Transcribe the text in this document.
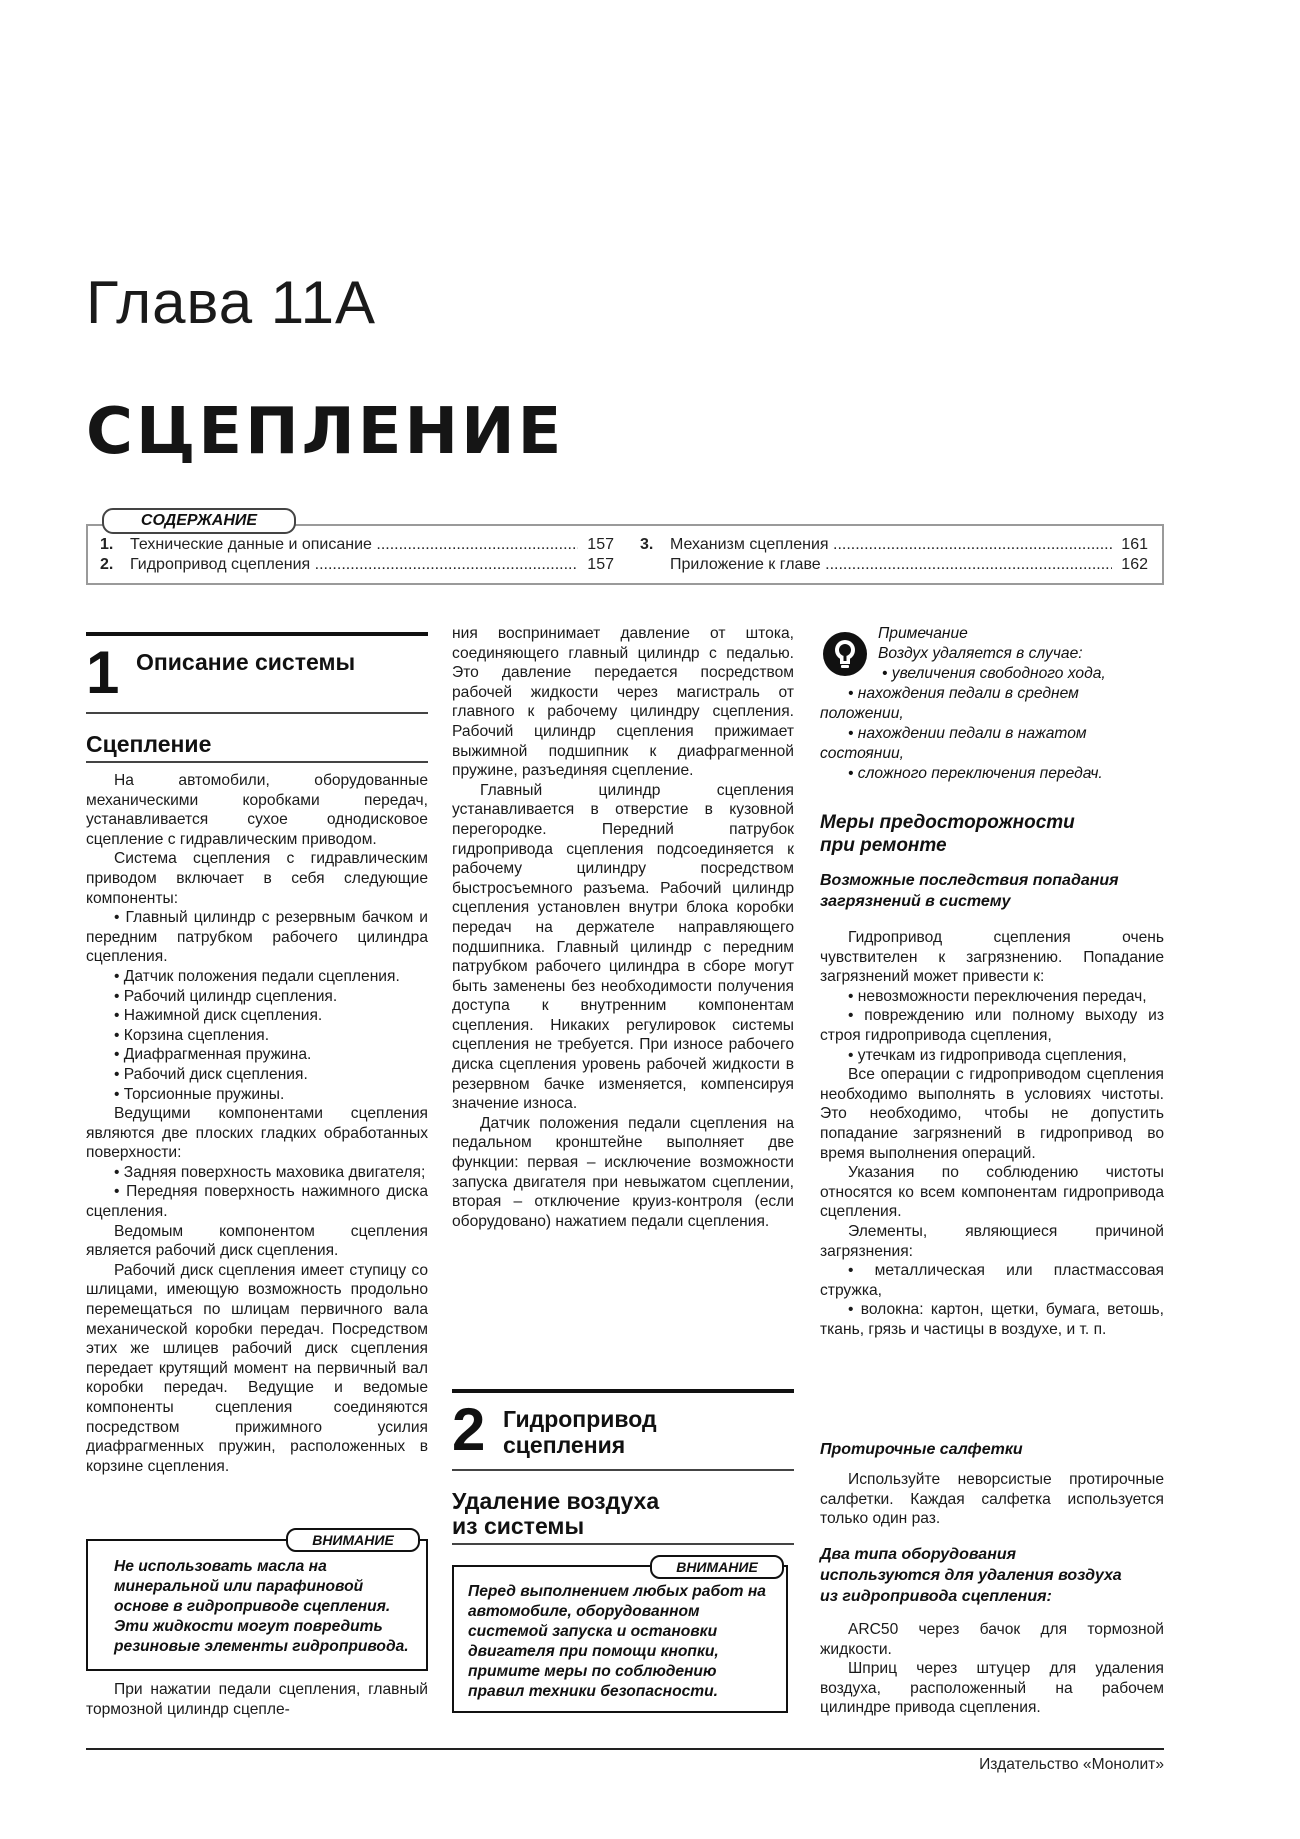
Глава 11А
СЦЕПЛЕНИЕ
СОДЕРЖАНИЕ
1.	Технические данные и описание .....	157
2.	Гидропривод сцепления .....	157
3.	Механизм сцепления .....	161
Приложение к главе .....	162
1 Описание системы
Сцепление

На автомобили, оборудованные механическими коробками передач, устанавливается сухое однодисковое сцепление с гидравлическим приводом.

Система сцепления с гидравлическим приводом включает в себя следующие компоненты:

• Главный цилиндр с резервным бачком и передним патрубком рабочего цилиндра сцепления.

• Датчик положения педали сцепления.

• Рабочий цилиндр сцепления.

• Нажимной диск сцепления.

• Корзина сцепления.

• Диафрагменная пружина.

• Рабочий диск сцепления.

• Торсионные пружины.

Ведущими компонентами сцепления являются две плоских гладких обработанных поверхности:

• Задняя поверхность маховика двигателя;

• Передняя поверхность нажимного диска сцепления.

Ведомым компонентом сцепления является рабочий диск сцепления.

Рабочий диск сцепления имеет ступицу со шлицами, имеющую возможность продольно перемещаться по шлицам первичного вала механической коробки передач. Посредством этих же шлицев рабочий диск сцепления передает крутящий момент на первичный вал коробки передач. Ведущие и ведомые компоненты сцепления соединяются посредством прижимного усилия диафрагменных пружин, расположенных в корзине сцепления.

ВНИМАНИЕ
Не использовать масла на минеральной или парафиновой основе в гидроприводе сцепления. Эти жидкости могут повредить резиновые элементы гидропривода.

При нажатии педали сцепления, главный тормозной цилиндр сцепле-

ния воспринимает давление от штока, соединяющего главный цилиндр с педалью. Это давление передается посредством рабочей жидкости через магистраль от главного к рабочему цилиндру сцепления. Рабочий цилиндр сцепления прижимает выжимной подшипник к диафрагменной пружине, разъединяя сцепление.

Главный цилиндр сцепления устанавливается в отверстие в кузовной перегородке. Передний патрубок гидропривода сцепления подсоединяется к рабочему цилиндру посредством быстросъемного разъема. Рабочий цилиндр сцепления установлен внутри блока коробки передач на держателе направляющего подшипника. Главный цилиндр с передним патрубком рабочего цилиндра в сборе могут быть заменены без необходимости получения доступа к внутренним компонентам сцепления. Никаких регулировок системы сцепления не требуется. При износе рабочего диска сцепления уровень рабочей жидкости в резервном бачке изменяется, компенсируя значение износа.

Датчик положения педали сцепления на педальном кронштейне выполняет две функции: первая – исключение возможности запуска двигателя при невыжатом сцеплении, вторая – отключение круиз-контроля (если оборудовано) нажатием педали сцепления.

2 Гидропривод
сцепления
Удаление воздуха
из системы
ВНИМАНИЕ
Перед выполнением любых работ на автомобиле, оборудованном системой запуска и остановки двигателя при помощи кнопки, примите меры по соблюдению правил техники безопасности.

Примечание

Воздух удаляется в случае:

• увеличения свободного хода,

• нахождения педали в среднем положении,

• нахождении педали в нажатом состоянии,

• сложного переключения передач.

Меры предосторожности
при ремонте
Возможные последствия попадания
загрязнений в систему

Гидропривод сцепления очень чувствителен к загрязнению. Попадание загрязнений может привести к:

• невозможности переключения передач,

• повреждению или полному выходу из строя гидропривода сцепления,

• утечкам из гидропривода сцепления,

Все операции с гидроприводом сцепления необходимо выполнять в условиях чистоты. Это необходимо, чтобы не допустить попадание загрязнений в гидропривод во время выполнения операций.

Указания по соблюдению чистоты относятся ко всем компонентам гидропривода сцепления.

Элементы, являющиеся причиной загрязнения:

• металлическая или пластмассовая стружка,

• волокна: картон, щетки, бумага, ветошь, ткань, грязь и частицы в воздухе, и т. п.

Протирочные салфетки

Используйте неворсистые протирочные салфетки. Каждая салфетка используется только один раз.

Два типа оборудования
используются для удаления воздуха
из гидропривода сцепления:

ARC50 через бачок для тормозной жидкости.

Шприц через штуцер для удаления воздуха, расположенный на рабочем цилиндре привода сцепления.

Издательство «Монолит»
